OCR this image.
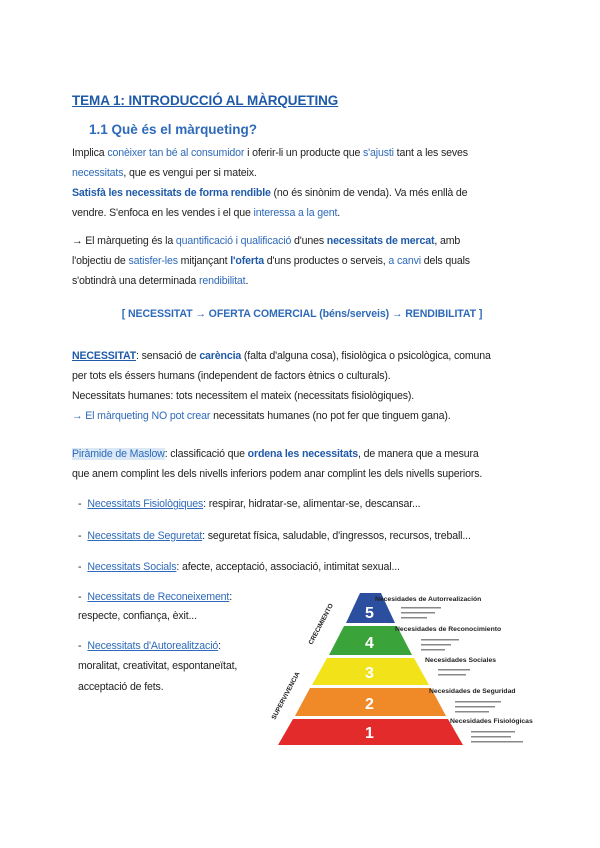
TEMA 1: INTRODUCCIÓ AL MÀRQUETING
1.1 Què és el màrqueting?
Implica conèixer tan bé al consumidor i oferir-li un producte que s'ajusti tant a les seves
necessitats, que es vengui per si mateix.
Satisfà les necessitats de forma rendible (no és sinònim de venda). Va més enllà de
vendre. S'enfoca en les vendes i el que interessa a la gent.
→ El màrqueting és la quantificació i qualificació d'unes necessitats de mercat, amb
l'objectiu de satisfer-les mitjançant l'oferta d'uns productes o serveis, a canvi dels quals
s'obtindrà una determinada rendibilitat.
[ NECESSITAT → OFERTA COMERCIAL (béns/serveis) → RENDIBILITAT ]
NECESSITAT: sensació de carència (falta d'alguna cosa), fisiològica o psicològica, comuna
per tots els éssers humans (independent de factors ètnics o culturals).
Necessitats humanes: tots necessitem el mateix (necessitats fisiològiques).
→ El màrqueting NO pot crear necessitats humanes (no pot fer que tinguem gana).
Piràmide de Maslow: classificació que ordena les necessitats, de manera que a mesura
que anem complint les dels nivells inferiors podem anar complint les dels nivells superiors.
- Necessitats Fisiològiques: respirar, hidratar-se, alimentar-se, descansar...
- Necessitats de Seguretat: seguretat física, saludable, d'ingressos, recursos, treball...
- Necessitats Socials: afecte, acceptació, associació, intimitat sexual...
- Necessitats de Reconeixement:
respecte, confiança, èxit...
- Necessitats d'Autorealització:
moralitat, creativitat, espontaneïtat,
acceptació de fets.
CRECIMIENTO
SUPERVIVENCIA
5
Necesidades de Autorrealización
4
Necesidades de Reconocimiento
3
Necesidades Sociales
2
Necesidades de Seguridad
1
Necesidades Fisiológicas
